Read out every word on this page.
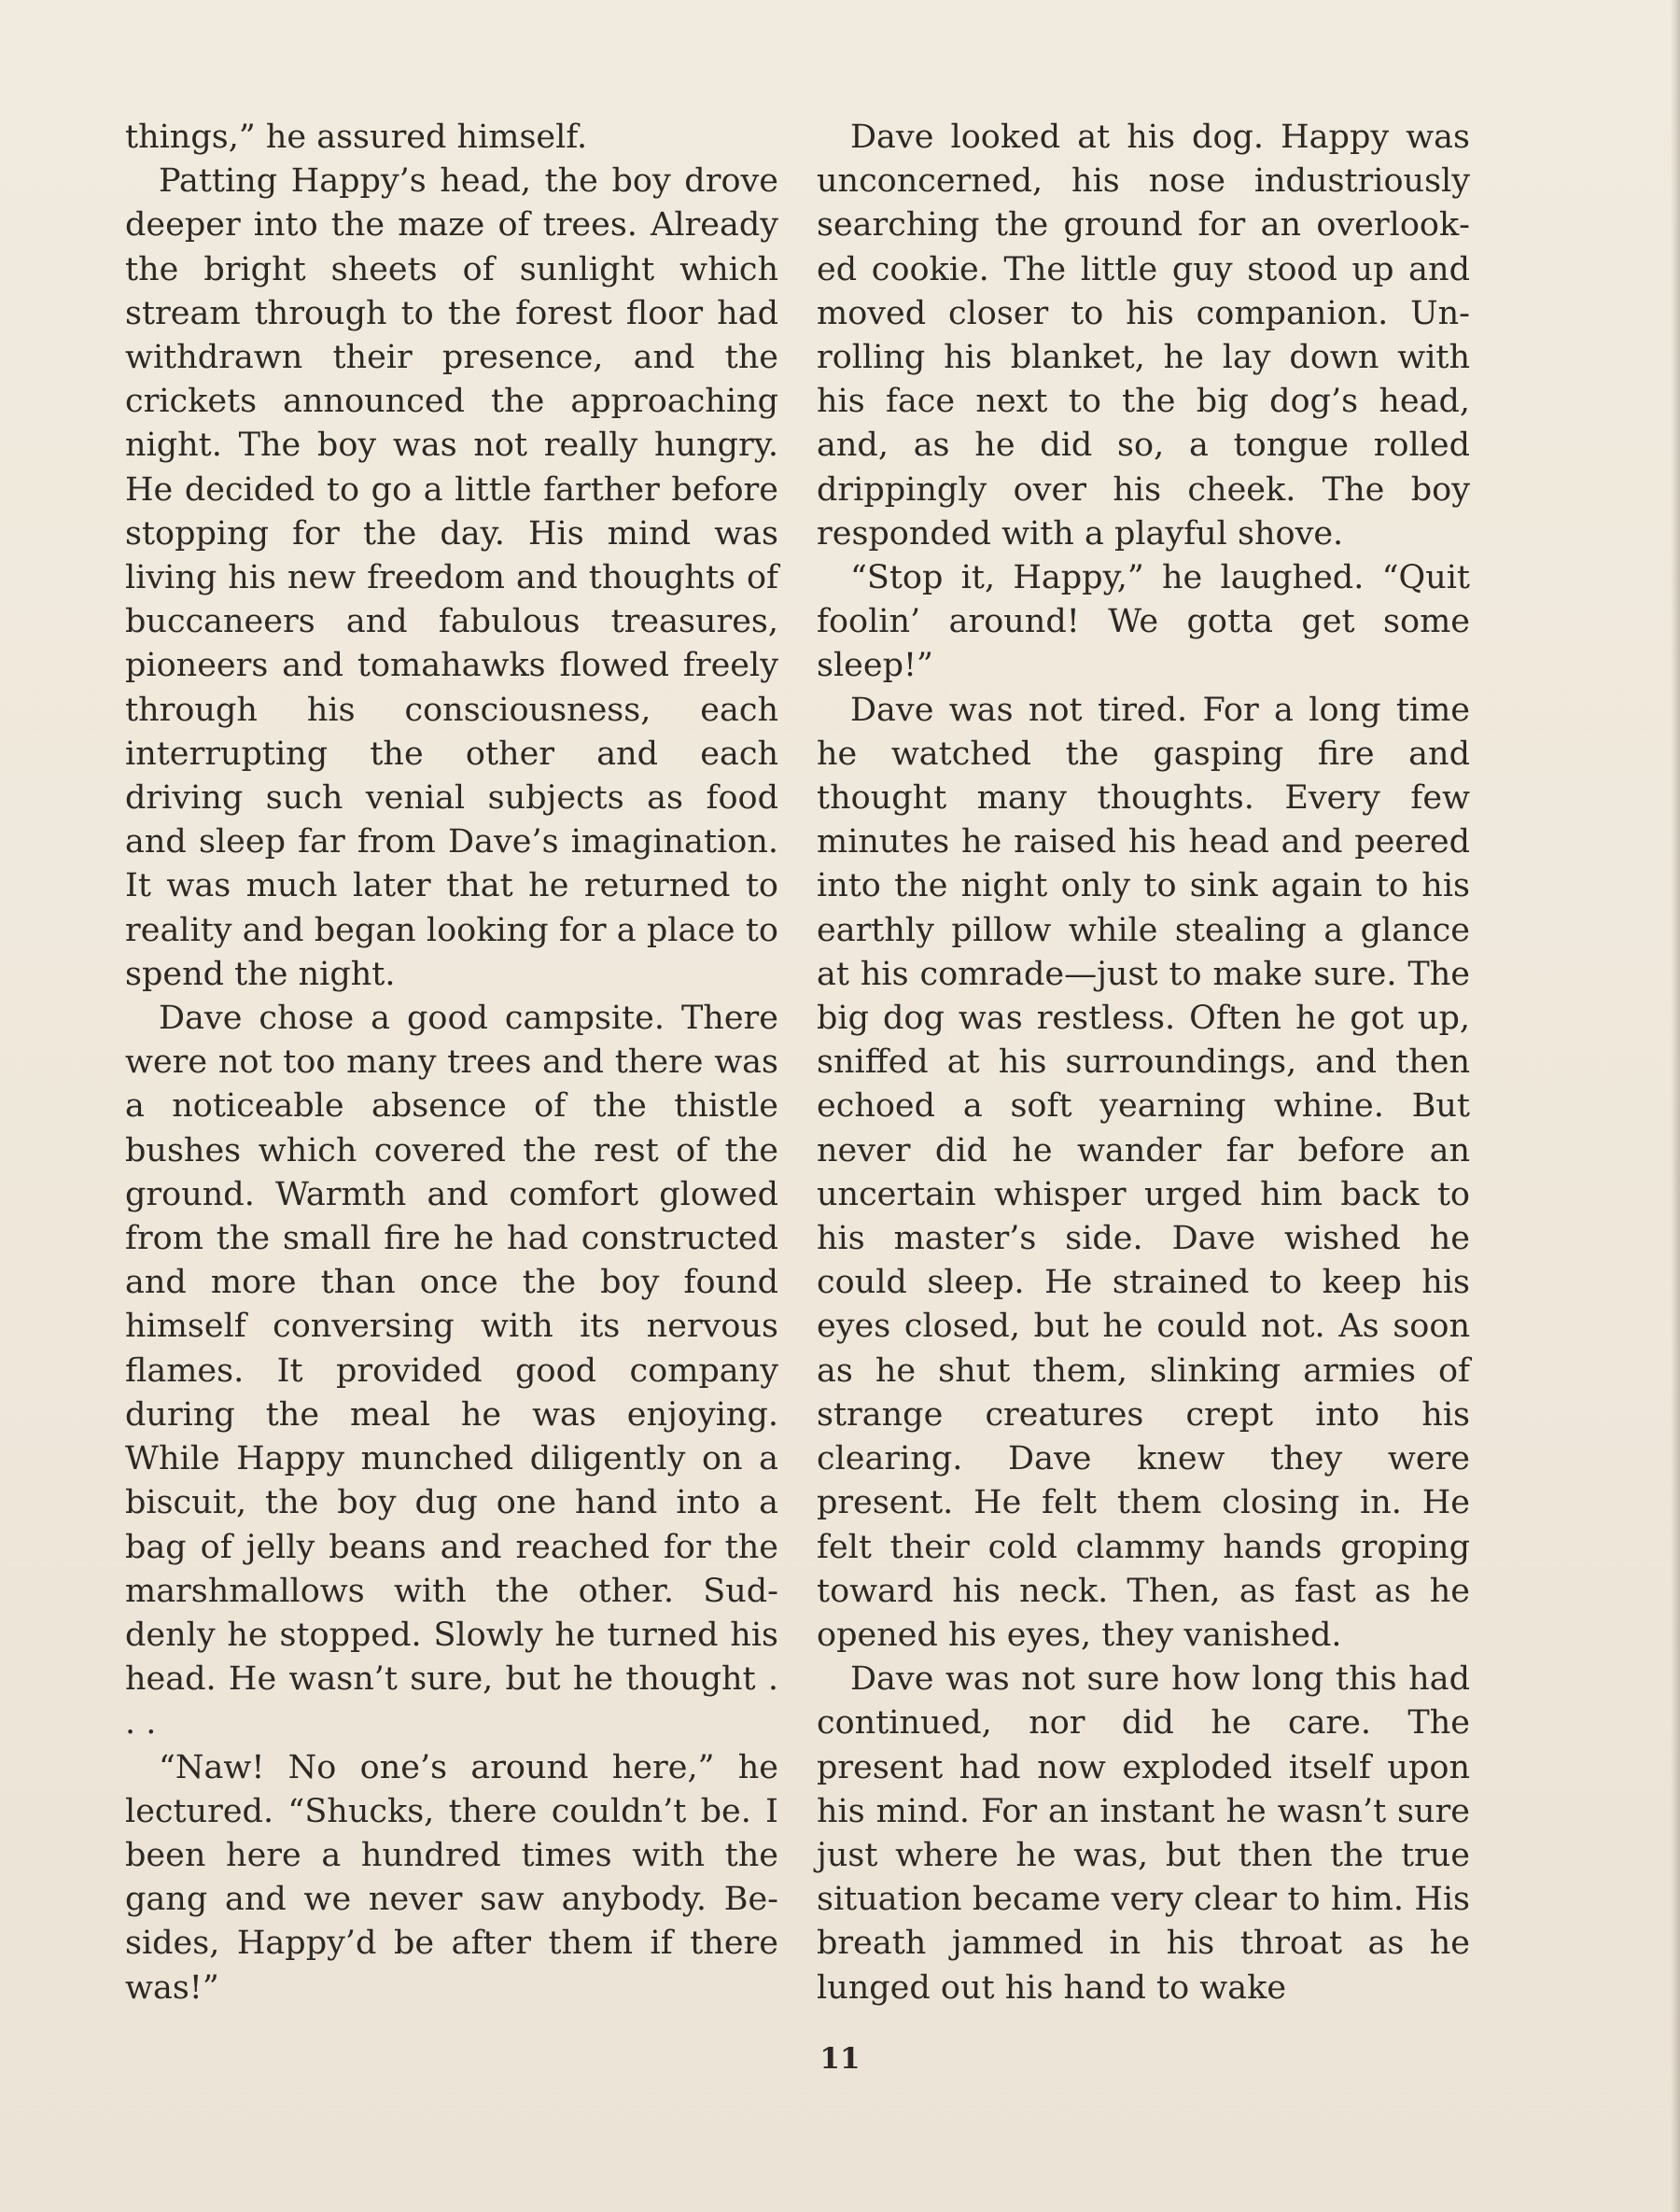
things,” he assured himself.

Patting Happy’s head, the boy drove deeper into the maze of trees. Already the bright sheets of sunlight which stream through to the forest floor had withdrawn their presence, and the crickets announced the approaching night. The boy was not really hungry. He decided to go a little farther before stopping for the day. His mind was living his new freedom and thoughts of buccaneers and fabulous treasures, pioneers and tomahawks flowed freely through his consciousness, each interrupting the other and each driving such venial subjects as food and sleep far from Dave’s imagination. It was much later that he returned to reality and began looking for a place to spend the night.

Dave chose a good campsite. There were not too many trees and there was a noticeable absence of the thistle bushes which covered the rest of the ground. Warmth and comfort glowed from the small fire he had constructed and more than once the boy found himself conversing with its nervous flames. It provided good company during the meal he was enjoying. While Happy munched diligently on a biscuit, the boy dug one hand into a bag of jelly beans and reached for the marshmallows with the other. Suddenly he stopped. Slowly he turned his head. He wasn’t sure, but he thought . . .

“Naw! No one’s around here,” he lectured. “Shucks, there couldn’t be. I been here a hundred times with the gang and we never saw anybody. Besides, Happy’d be after them if there was!”

Dave looked at his dog. Happy was unconcerned, his nose industriously searching the ground for an overlooked cookie. The little guy stood up and moved closer to his companion. Unrolling his blanket, he lay down with his face next to the big dog’s head, and, as he did so, a tongue rolled drippingly over his cheek. The boy responded with a playful shove.

“Stop it, Happy,” he laughed. “Quit foolin’ around! We gotta get some sleep!”

Dave was not tired. For a long time he watched the gasping fire and thought many thoughts. Every few minutes he raised his head and peered into the night only to sink again to his earthly pillow while stealing a glance at his comrade—just to make sure. The big dog was restless. Often he got up, sniffed at his surroundings, and then echoed a soft yearning whine. But never did he wander far before an uncertain whisper urged him back to his master’s side. Dave wished he could sleep. He strained to keep his eyes closed, but he could not. As soon as he shut them, slinking armies of strange creatures crept into his clearing. Dave knew they were present. He felt them closing in. He felt their cold clammy hands groping toward his neck. Then, as fast as he opened his eyes, they vanished.

Dave was not sure how long this had continued, nor did he care. The present had now exploded itself upon his mind. For an instant he wasn’t sure just where he was, but then the true situation became very clear to him. His breath jammed in his throat as he lunged out his hand to wake

11
